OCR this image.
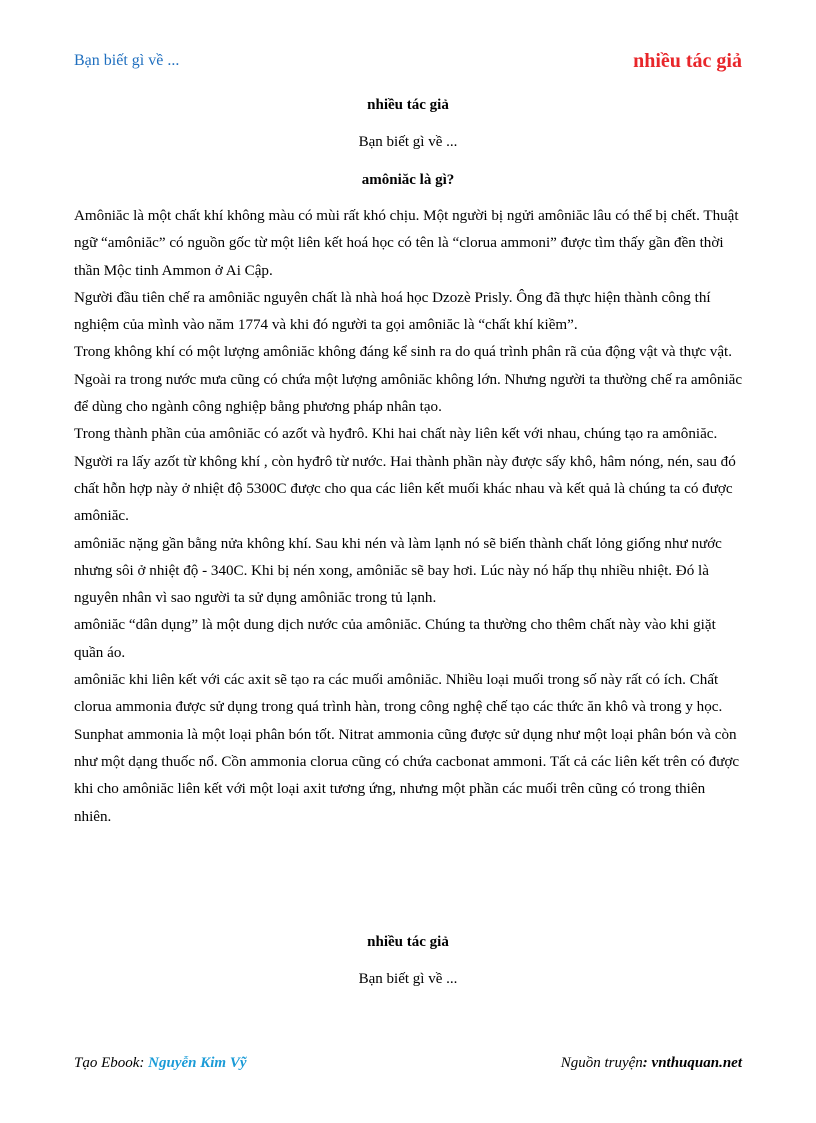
Bạn biết gì về ...	nhiều tác giả
nhiều tác giả
Bạn biết gì về ...
amôniăc là gì?

Amôniăc là một chất khí không màu có mùi rất khó chịu. Một người bị ngửi amôniăc lâu có thể bị chết. Thuật ngữ “amôniăc” có nguồn gốc từ một liên kết hoá học có tên là “clorua ammoni” được tìm thấy gần đền thời thần Mộc tinh Ammon ở Ai Cập.

Người đầu tiên chế ra amôniăc nguyên chất là nhà hoá học Dzozè Prisly. Ông đã thực hiện thành công thí nghiệm của mình vào năm 1774 và khi đó người ta gọi amôniăc là “chất khí kiềm”.

Trong không khí có một lượng amôniăc không đáng kể sinh ra do quá trình phân rã của động vật và thực vật. Ngoài ra trong nước mưa cũng có chứa một lượng amôniăc không lớn. Nhưng người ta thường chế ra amôniăc để dùng cho ngành công nghiệp bằng phương pháp nhân tạo.

Trong thành phần của amôniăc có azốt và hyđrô. Khi hai chất này liên kết với nhau, chúng tạo ra amôniăc. Người ra lấy azốt từ không khí , còn hyđrô từ nước. Hai thành phần này được sấy khô, hâm nóng, nén, sau đó chất hỗn hợp này ở nhiệt độ 5300C được cho qua các liên kết muối khác nhau và kết quả là chúng ta có được amôniăc.

amôniăc nặng gần bằng nửa không khí. Sau khi nén và làm lạnh nó sẽ biến thành chất lỏng giống như nước nhưng sôi ở nhiệt độ - 340C. Khi bị nén xong, amôniăc sẽ bay hơi. Lúc này nó hấp thụ nhiều nhiệt. Đó là nguyên nhân vì sao người ta sử dụng amôniăc trong tủ lạnh.

amôniăc “dân dụng” là một dung dịch nước của amôniăc. Chúng ta thường cho thêm chất này vào khi giặt quần áo.

amôniăc khi liên kết với các axit sẽ tạo ra các muối amôniăc. Nhiều loại muối trong số này rất có ích. Chất clorua ammonia được sử dụng trong quá trình hàn, trong công nghệ chế tạo các thức ăn khô và trong y học. Sunphat ammonia là một loại phân bón tốt. Nitrat ammonia cũng được sử dụng như một loại phân bón và còn như một dạng thuốc nổ. Cồn ammonia clorua cũng có chứa cacbonat ammoni. Tất cả các liên kết trên có được khi cho amôniăc liên kết với một loại axit tương ứng, nhưng một phần các muối trên cũng có trong thiên nhiên.

nhiều tác giả
Bạn biết gì về ...
Tạo Ebook: Nguyễn Kim Vỹ	Nguồn truyện: vnthuquan.net
